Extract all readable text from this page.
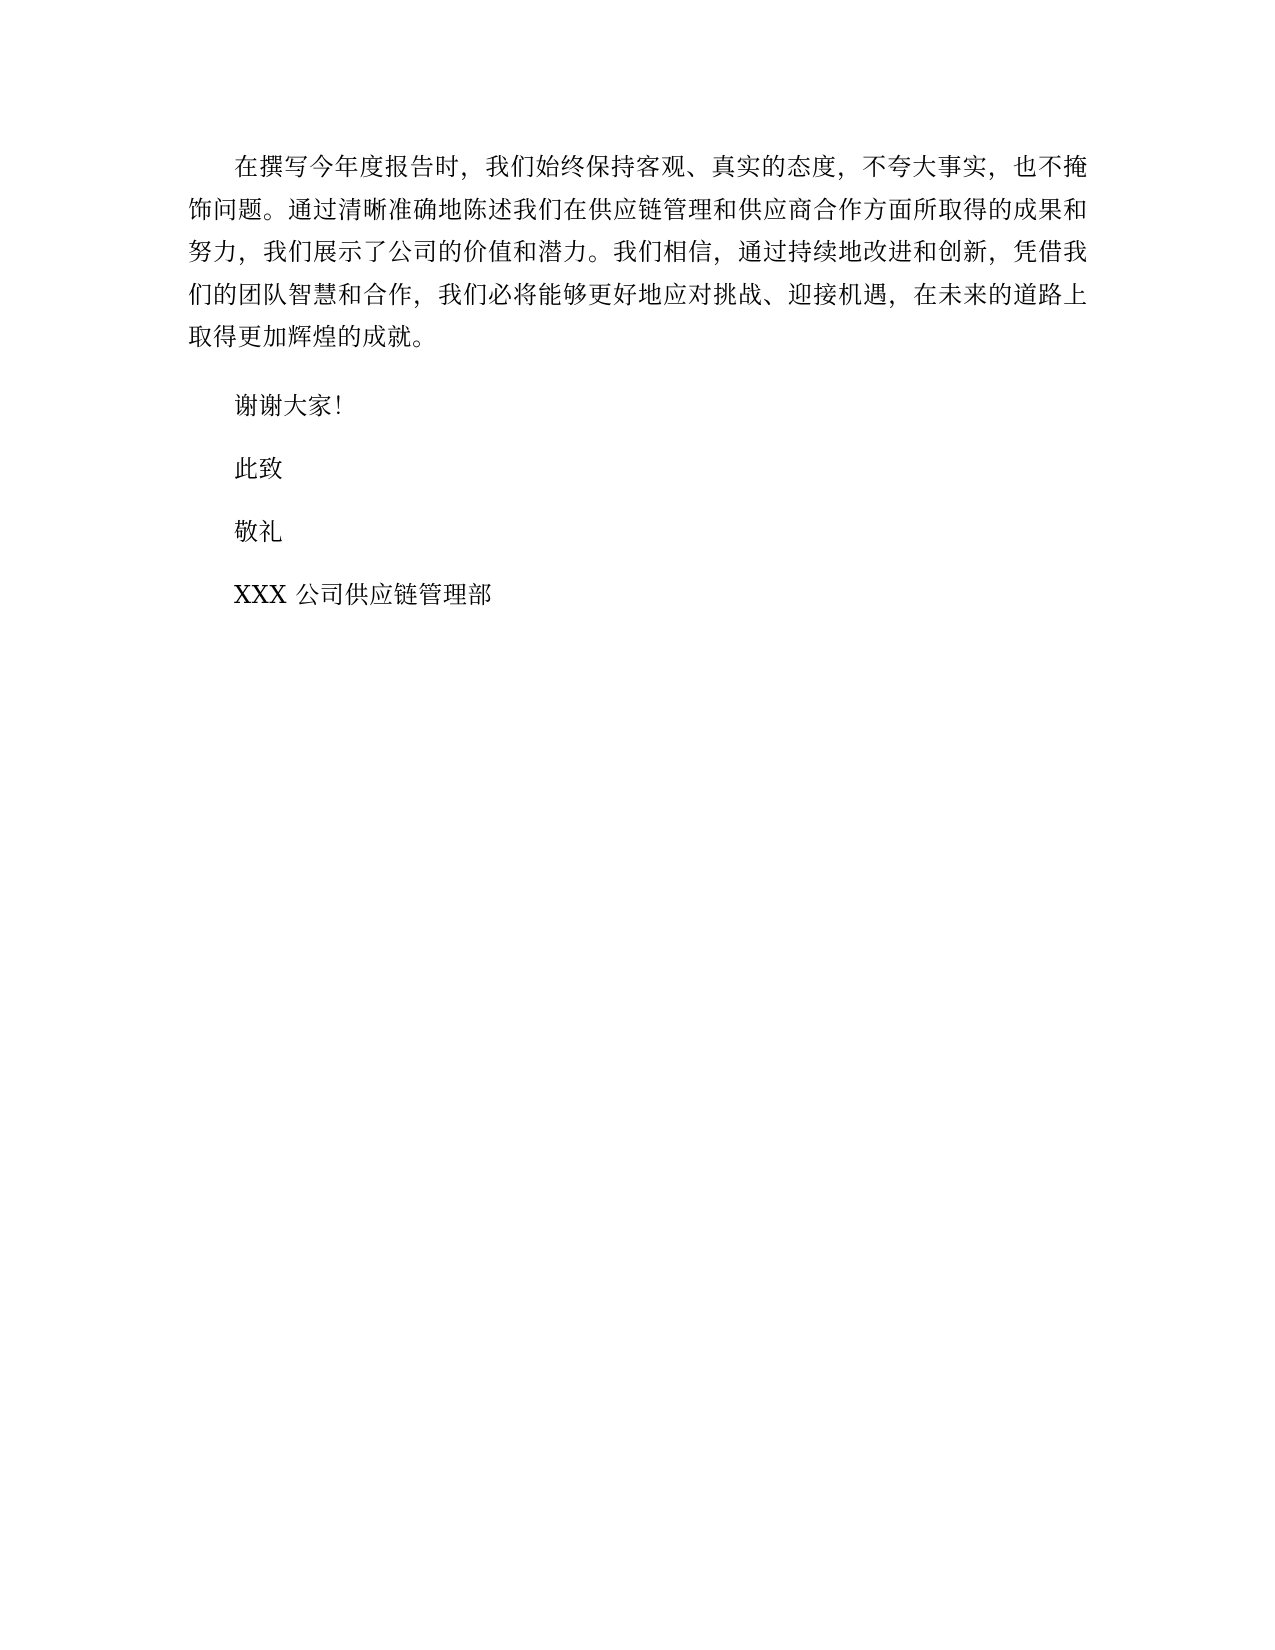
在撰写今年度报告时，我们始终保持客观、真实的态度，不夸大事实，也不掩饰问题。通过清晰准确地陈述我们在供应链管理和供应商合作方面所取得的成果和努力，我们展示了公司的价值和潜力。我们相信，通过持续地改进和创新，凭借我们的团队智慧和合作，我们必将能够更好地应对挑战、迎接机遇，在未来的道路上取得更加辉煌的成就。

谢谢大家！

此致

敬礼

XXX 公司供应链管理部
